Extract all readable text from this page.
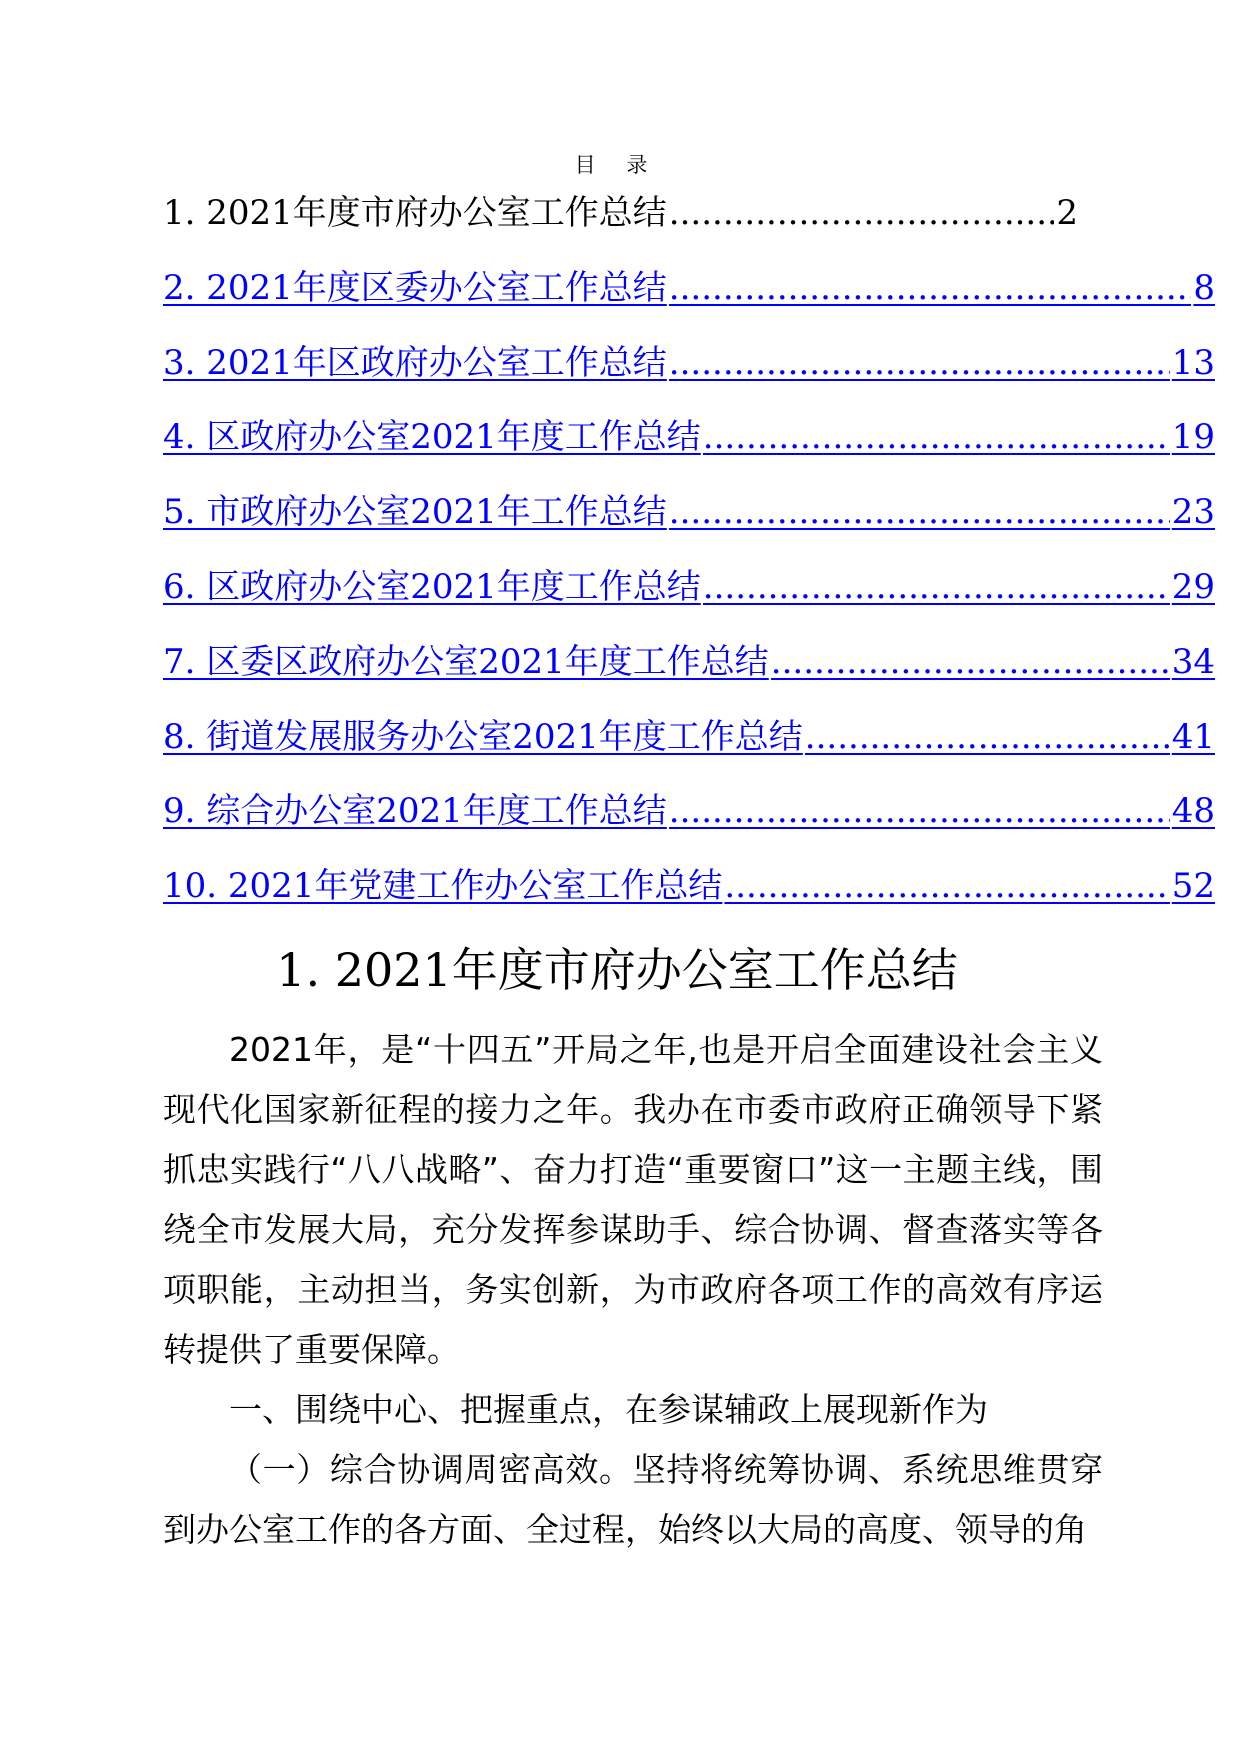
目 录
1. 2021年度市府办公室工作总结 .....	2
2. 2021年度区委办公室工作总结 .....	8
3. 2021年区政府办公室工作总结 .....	13
4. 区政府办公室2021年度工作总结 .....	19
5. 市政府办公室2021年工作总结 .....	23
6. 区政府办公室2021年度工作总结 .....	29
7. 区委区政府办公室2021年度工作总结 .....	34
8. 街道发展服务办公室2021年度工作总结 .....	41
9. 综合办公室2021年度工作总结 .....	48
10. 2021年党建工作办公室工作总结 .....	52
1. 2021年度市府办公室工作总结

2021年，是“十四五”开局之年,也是开启全面建设社会主义现代化国家新征程的接力之年。我办在市委市政府正确领导下紧抓忠实践行“八八战略”、奋力打造“重要窗口”这一主题主线，围绕全市发展大局，充分发挥参谋助手、综合协调、督查落实等各项职能，主动担当，务实创新，为市政府各项工作的高效有序运转提供了重要保障。

一、围绕中心、把握重点，在参谋辅政上展现新作为

（一）综合协调周密高效。坚持将统筹协调、系统思维贯穿到办公室工作的各方面、全过程，始终以大局的高度、领导的角
